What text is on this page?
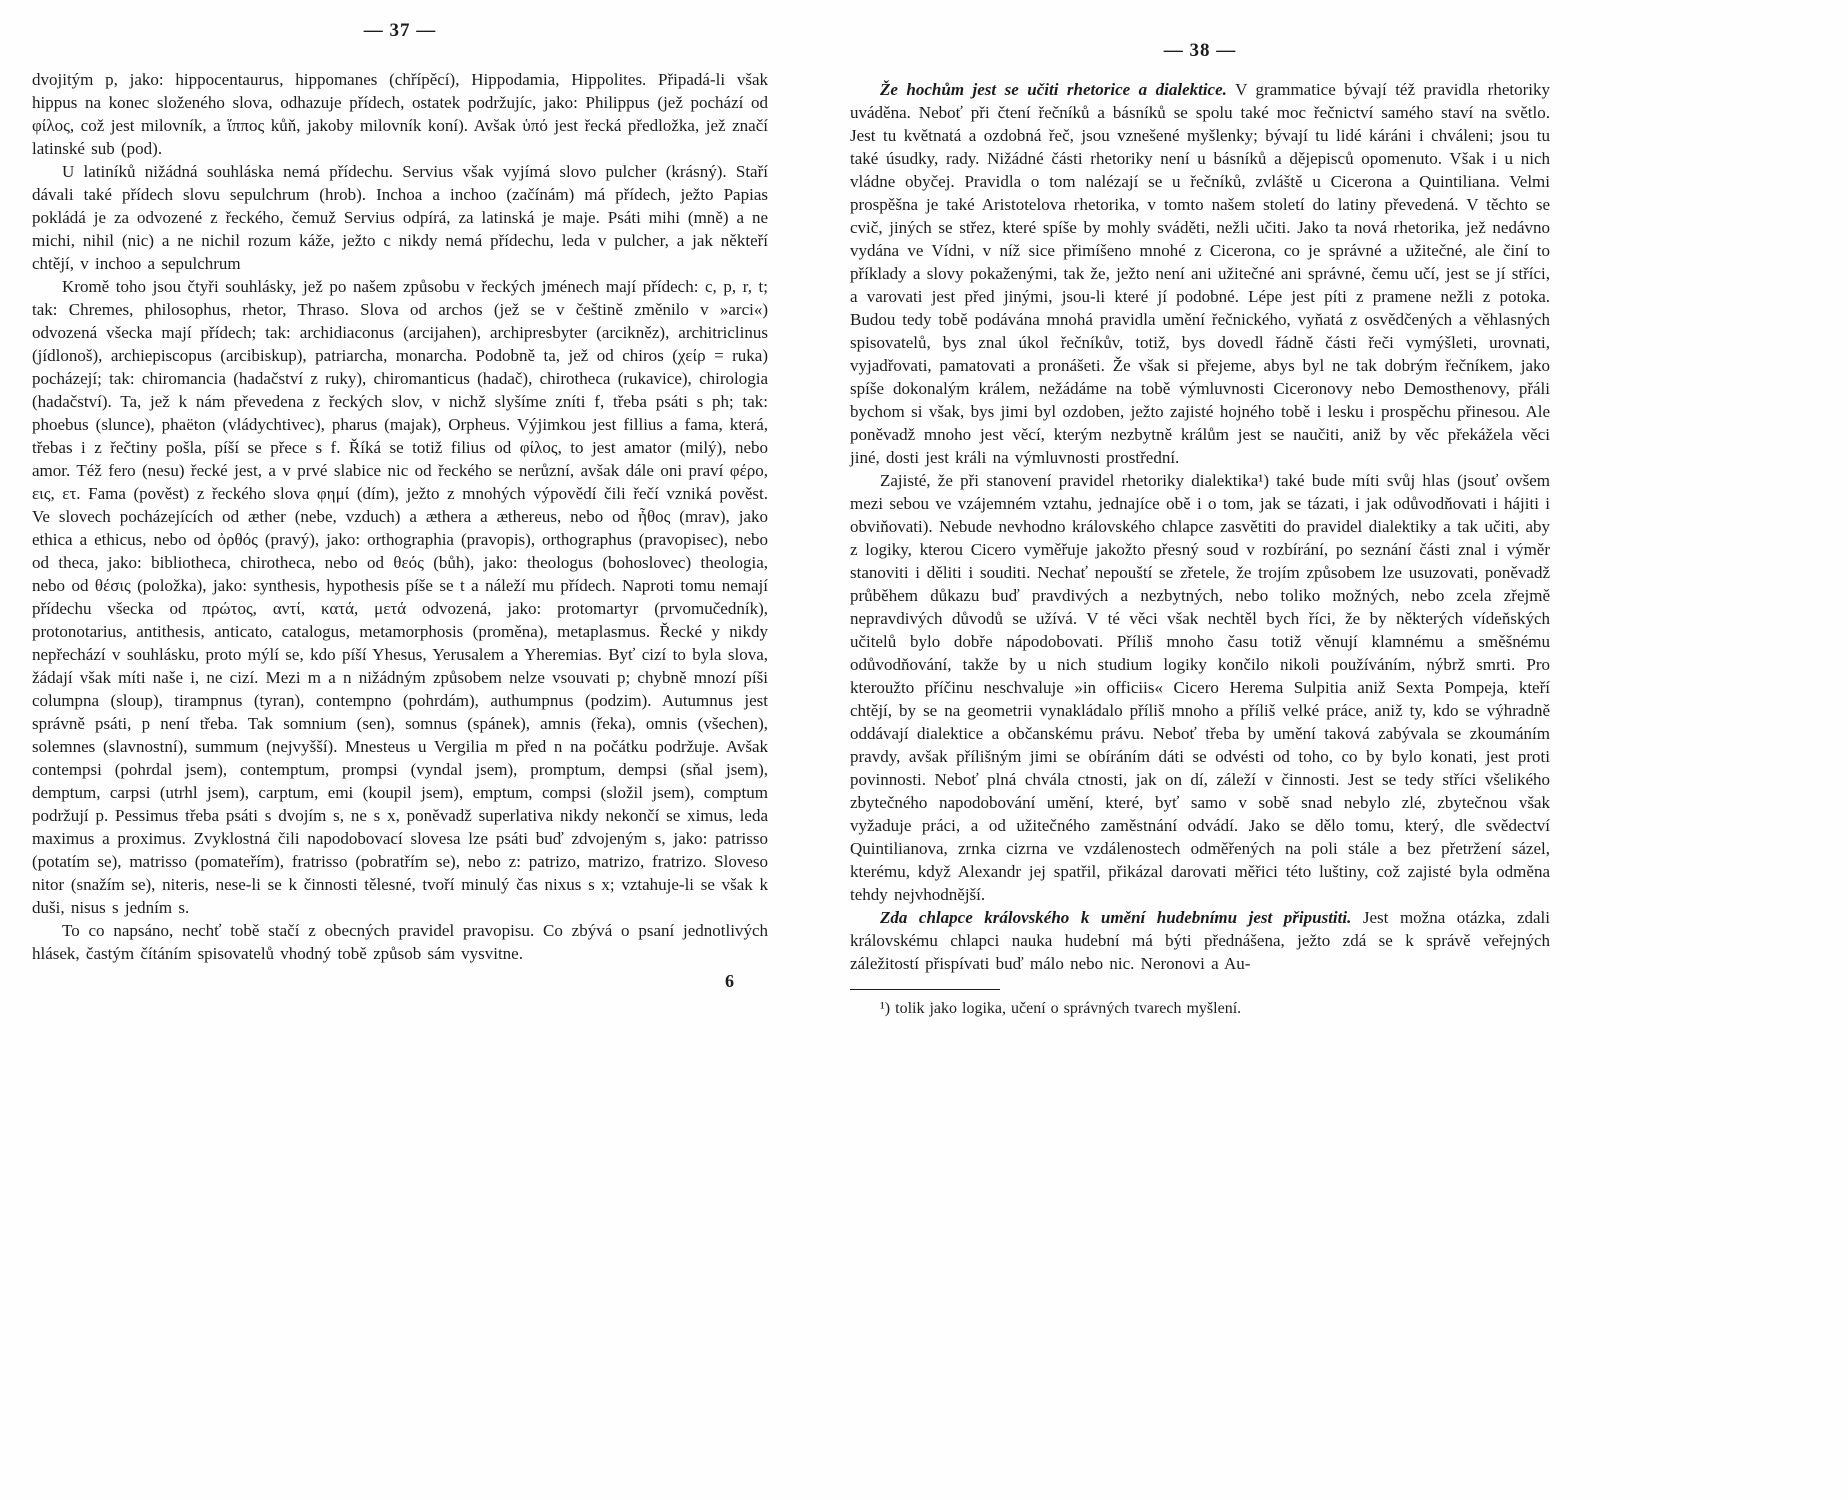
— 37 —

dvojitým p, jako: hippocentaurus, hippomanes (chřípěcí), Hippodamia, Hippolites. Připadá-li však hippus na konec složeného slova, odhazuje přídech, ostatek podržujíc, jako: Philippus (jež pochází od φίλος, což jest milovník, a ἵππος kůň, jakoby milovník koní). Avšak ὑπό jest řecká předložka, jež značí latinské sub (pod).

U latiníků nižádná souhláska nemá přídechu. Servius však vyjímá slovo pulcher (krásný). Staří dávali také přídech slovu sepulchrum (hrob). Inchoa a inchoo (začínám) má přídech, ježto Papias pokládá je za odvozené z řeckého, čemuž Servius odpírá, za latinská je maje. Psáti mihi (mně) a ne michi, nihil (nic) a ne nichil rozum káže, ježto c nikdy nemá přídechu, leda v pulcher, a jak někteří chtějí, v inchoo a sepulchrum

Kromě toho jsou čtyři souhlásky, jež po našem způsobu v řeckých jménech mají přídech: c, p, r, t; tak: Chremes, philosophus, rhetor, Thraso. Slova od archos (jež se v češtině změnilo v »arci«) odvozená všecka mají přídech; tak: archidiaconus (arcijahen), archipresbyter (arcikněz), architriclinus (jídlonoš), archiepiscopus (arcibiskup), patriarcha, monarcha. Podobně ta, jež od chiros (χείρ = ruka) pocházejí; tak: chiromancia (hadačství z ruky), chiromanticus (hadač), chirotheca (rukavice), chirologia (hadačství). Ta, jež k nám převedena z řeckých slov, v nichž slyšíme zníti f, třeba psáti s ph; tak: phoebus (slunce), phaëton (vládychtivec), pharus (majak), Orpheus. Výjimkou jest fillius a fama, která, třebas i z řečtiny pošla, píší se přece s f. Říká se totiž filius od φίλος, to jest amator (milý), nebo amor. Též fero (nesu) řecké jest, a v prvé slabice nic od řeckého se nerůzní, avšak dále oni praví φέρο, εις, ετ. Fama (pověst) z řeckého slova φημί (dím), ježto z mnohých výpovědí čili řečí vzniká pověst. Ve slovech pocházejících od æther (nebe, vzduch) a æthera a æthereus, nebo od ἦθος (mrav), jako ethica a ethicus, nebo od ὀρθός (pravý), jako: orthographia (pravopis), orthographus (pravopisec), nebo od theca, jako: bibliotheca, chirotheca, nebo od θεός (bůh), jako: theologus (bohoslovec) theologia, nebo od θέσις (položka), jako: synthesis, hypothesis píše se t a náleží mu přídech. Naproti tomu nemají přídechu všecka od πρώτος, αντί, κατά, μετά odvozená, jako: protomartyr (prvomučedník), protonotarius, antithesis, anticato, catalogus, metamorphosis (proměna), metaplasmus. Řecké y nikdy nepřechází v souhlásku, proto mýlí se, kdo píší Yhesus, Yerusalem a Yheremias. Byť cizí to byla slova, žádají však míti naše i, ne cizí. Mezi m a n nižádným způsobem nelze vsouvati p; chybně mnozí píši columpna (sloup), tirampnus (tyran), contempno (pohrdám), authumpnus (podzim). Autumnus jest správně psáti, p není třeba. Tak somnium (sen), somnus (spánek), amnis (řeka), omnis (všechen), solemnes (slavnostní), summum (nejvyšší). Mnesteus u Vergilia m před n na počátku podržuje. Avšak contempsi (pohrdal jsem), contemptum, prompsi (vyndal jsem), promptum, dempsi (sňal jsem), demptum, carpsi (utrhl jsem), carptum, emi (koupil jsem), emptum, compsi (složil jsem), comptum podržují p. Pessimus třeba psáti s dvojím s, ne s x, poněvadž superlativa nikdy nekončí se ximus, leda maximus a proximus. Zvyklostná čili napodobovací slovesa lze psáti buď zdvojeným s, jako: patrisso (potatím se), matrisso (pomateřím), fratrisso (pobratřím se), nebo z: patrizo, matrizo, fratrizo. Sloveso nitor (snažím se), niteris, nese-li se k činnosti tělesné, tvoří minulý čas nixus s x; vztahuje-li se však k duši, nisus s jedním s.

To co napsáno, nechť tobě stačí z obecných pravidel pravopisu. Co zbývá o psaní jednotlivých hlásek, častým čítáním spisovatelů vhodný tobě způsob sám vysvitne.

6
— 38 —

Že hochům jest se učiti rhetorice a dialektice. V grammatice bývají též pravidla rhetoriky uváděna. Neboť při čtení řečníků a básníků se spolu také moc řečnictví samého staví na světlo. Jest tu květnatá a ozdobná řeč, jsou vznešené myšlenky; bývají tu lidé káráni i chváleni; jsou tu také úsudky, rady. Nižádné části rhetoriky není u básníků a dějepisců opomenuto. Však i u nich vládne obyčej. Pravidla o tom nalézají se u řečníků, zvláště u Cicerona a Quintiliana. Velmi prospěšna je také Aristotelova rhetorika, v tomto našem století do latiny převedená. V těchto se cvič, jiných se střez, které spíše by mohly sváděti, nežli učiti. Jako ta nová rhetorika, jež nedávno vydána ve Vídni, v níž sice přimíšeno mnohé z Cicerona, co je správné a užitečné, ale činí to příklady a slovy pokaženými, tak že, ježto není ani užitečné ani správné, čemu učí, jest se jí stříci, a varovati jest před jinými, jsou-li které jí podobné. Lépe jest píti z pramene nežli z potoka. Budou tedy tobě podávána mnohá pravidla umění řečnického, vyňatá z osvědčených a věhlasných spisovatelů, bys znal úkol řečníkův, totiž, bys dovedl řádně části řeči vymýšleti, urovnati, vyjadřovati, pamatovati a pronášeti. Že však si přejeme, abys byl ne tak dobrým řečníkem, jako spíše dokonalým králem, nežádáme na tobě výmluvnosti Ciceronovy nebo Demosthenovy, přáli bychom si však, bys jimi byl ozdoben, ježto zajisté hojného tobě i lesku i prospěchu přinesou. Ale poněvadž mnoho jest věcí, kterým nezbytně králům jest se naučiti, aniž by věc překážela věci jiné, dosti jest králi na výmluvnosti prostřední.

Zajisté, že při stanovení pravidel rhetoriky dialektika¹) také bude míti svůj hlas (jsouť ovšem mezi sebou ve vzájemném vztahu, jednajíce obě i o tom, jak se tázati, i jak odůvodňovati i hájiti i obviňovati). Nebude nevhodno královského chlapce zasvětiti do pravidel dialektiky a tak učiti, aby z logiky, kterou Cicero vyměřuje jakožto přesný soud v rozbírání, po seznání části znal i výměr stanoviti i děliti i souditi. Nechať nepouští se zřetele, že trojím způsobem lze usuzovati, poněvadž průběhem důkazu buď pravdivých a nezbytných, nebo toliko možných, nebo zcela zřejmě nepravdivých důvodů se užívá. V té věci však nechtěl bych říci, že by některých vídeňských učitelů bylo dobře nápodobovati. Příliš mnoho času totiž věnují klamnému a směšnému odůvodňování, takže by u nich studium logiky končilo nikoli používáním, nýbrž smrti. Pro kteroužto příčinu neschvaluje »in officiis« Cicero Herema Sulpitia aniž Sexta Pompeja, kteří chtějí, by se na geometrii vynakládalo příliš mnoho a příliš velké práce, aniž ty, kdo se výhradně oddávají dialektice a občanskému právu. Neboť třeba by umění taková zabývala se zkoumáním pravdy, avšak přílišným jimi se obíráním dáti se odvésti od toho, co by bylo konati, jest proti povinnosti. Neboť plná chvála ctnosti, jak on dí, záleží v činnosti. Jest se tedy stříci všelikého zbytečného napodobování umění, které, byť samo v sobě snad nebylo zlé, zbytečnou však vyžaduje práci, a od užitečného zaměstnání odvádí. Jako se dělo tomu, který, dle svědectví Quintilianova, zrnka cizrna ve vzdálenostech odměřených na poli stále a bez přetržení sázel, kterému, když Alexandr jej spatřil, přikázal darovati měřici této luštiny, což zajisté byla odměna tehdy nejvhodnější.

Zda chlapce královského k umění hudebnímu jest připustiti. Jest možna otázka, zdali královskému chlapci nauka hudební má býti přednášena, ježto zdá se k správě veřejných záležitostí přispívati buď málo nebo nic. Neronovi a Au-

¹) tolik jako logika, učení o správných tvarech myšlení.
